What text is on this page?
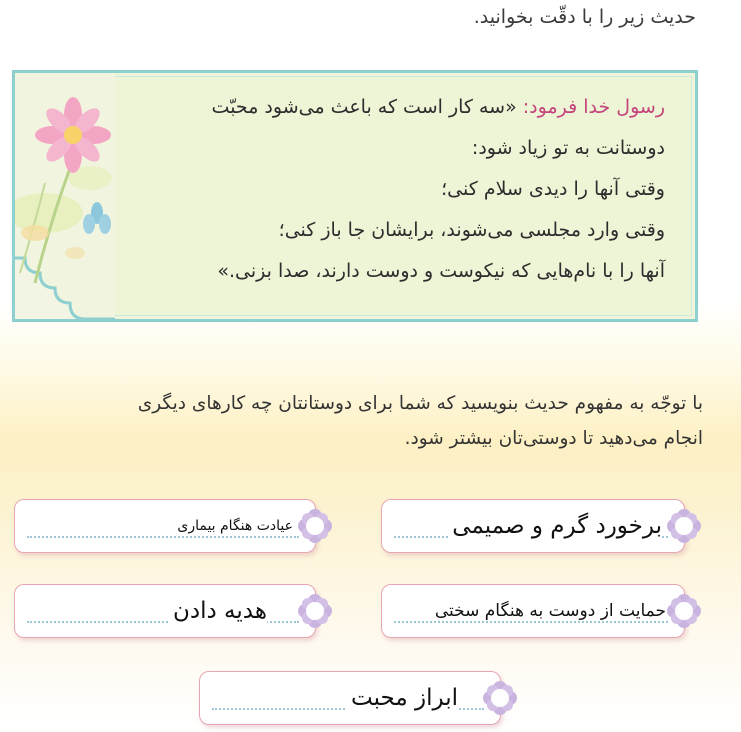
حدیث زیر را با دقّت بخوانید.
رسول خدا فرمود: «سه کار است که باعث می‌شود محبّت
دوستانت به تو زیاد شود:
وقتی آنها را دیدی سلام کنی؛
وقتی وارد مجلسی می‌شوند، برایشان جا باز کنی؛
آنها را با نام‌هایی که نیکوست و دوست دارند، صدا بزنی.»
با توجّه به مفهوم حدیث بنویسید که شما برای دوستانتان چه کارهای دیگری
انجام می‌دهید تا دوستی‌تان بیشتر شود.
برخورد گرم و صمیمی
عیادت هنگام بیماری
حمایت از دوست به هنگام سختی
هدیه دادن
ابراز محبت
